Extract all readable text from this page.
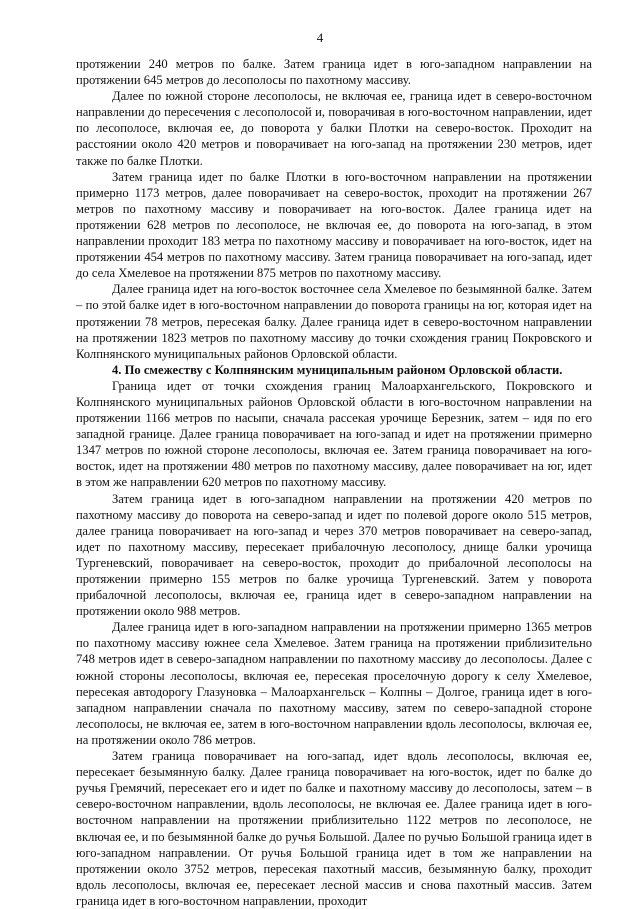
4

протяжении 240 метров по балке. Затем граница идет в юго-западном направлении на протяжении 645 метров до лесополосы по пахотному массиву.

Далее по южной стороне лесополосы, не включая ее, граница идет в северо-восточном направлении до пересечения с лесополосой и, поворачивая в юго-восточном направлении, идет по лесополосе, включая ее, до поворота у балки Плотки на северо-восток. Проходит на расстоянии около 420 метров и поворачивает на юго-запад на протяжении 230 метров, идет также по балке Плотки.

Затем граница идет по балке Плотки в юго-восточном направлении на протяжении примерно 1173 метров, далее поворачивает на северо-восток, проходит на протяжении 267 метров по пахотному массиву и поворачивает на юго-восток. Далее граница идет на протяжении 628 метров по лесополосе, не включая ее, до поворота на юго-запад, в этом направлении проходит 183 метра по пахотному массиву и поворачивает на юго-восток, идет на протяжении 454 метров по пахотному массиву. Затем граница поворачивает на юго-запад, идет до села Хмелевое на протяжении 875 метров по пахотному массиву.

Далее граница идет на юго-восток восточнее села Хмелевое по безымянной балке. Затем – по этой балке идет в юго-восточном направлении до поворота границы на юг, которая идет на протяжении 78 метров, пересекая балку. Далее граница идет в северо-восточном направлении на протяжении 1823 метров по пахотному массиву до точки схождения границ Покровского и Колпнянского муниципальных районов Орловской области.

4. По смежеству с Колпнянским муниципальным районом Орловской области.

Граница идет от точки схождения границ Малоархангельского, Покровского и Колпнянского муниципальных районов Орловской области в юго-восточном направлении на протяжении 1166 метров по насыпи, сначала рассекая урочище Березник, затем – идя по его западной границе. Далее граница поворачивает на юго-запад и идет на протяжении примерно 1347 метров по южной стороне лесополосы, включая ее. Затем граница поворачивает на юго-восток, идет на протяжении 480 метров по пахотному массиву, далее поворачивает на юг, идет в этом же направлении 620 метров по пахотному массиву.

Затем граница идет в юго-западном направлении на протяжении 420 метров по пахотному массиву до поворота на северо-запад и идет по полевой дороге около 515 метров, далее граница поворачивает на юго-запад и через 370 метров поворачивает на северо-запад, идет по пахотному массиву, пересекает прибалочную лесополосу, днище балки урочища Тургеневский, поворачивает на северо-восток, проходит до прибалочной лесополосы на протяжении примерно 155 метров по балке урочища Тургеневский. Затем у поворота прибалочной лесополосы, включая ее, граница идет в северо-западном направлении на протяжении около 988 метров.

Далее граница идет в юго-западном направлении на протяжении примерно 1365 метров по пахотному массиву южнее села Хмелевое. Затем граница на протяжении приблизительно 748 метров идет в северо-западном направлении по пахотному массиву до лесополосы. Далее с южной стороны лесополосы, включая ее, пересекая проселочную дорогу к селу Хмелевое, пересекая автодорогу Глазуновка – Малоархангельск – Колпны – Долгое, граница идет в юго-западном направлении сначала по пахотному массиву, затем по северо-западной стороне лесополосы, не включая ее, затем в юго-восточном направлении вдоль лесополосы, включая ее, на протяжении около 786 метров.

Затем граница поворачивает на юго-запад, идет вдоль лесополосы, включая ее, пересекает безымянную балку. Далее граница поворачивает на юго-восток, идет по балке до ручья Гремячий, пересекает его и идет по балке и пахотному массиву до лесополосы, затем – в северо-восточном направлении, вдоль лесополосы, не включая ее. Далее граница идет в юго-восточном направлении на протяжении приблизительно 1122 метров по лесополосе, не включая ее, и по безымянной балке до ручья Большой. Далее по ручью Большой граница идет в юго-западном направлении. От ручья Большой граница идет в том же направлении на протяжении около 3752 метров, пересекая пахотный массив, безымянную балку, проходит вдоль лесополосы, включая ее, пересекает лесной массив и снова пахотный массив. Затем граница идет в юго-восточном направлении, проходит
